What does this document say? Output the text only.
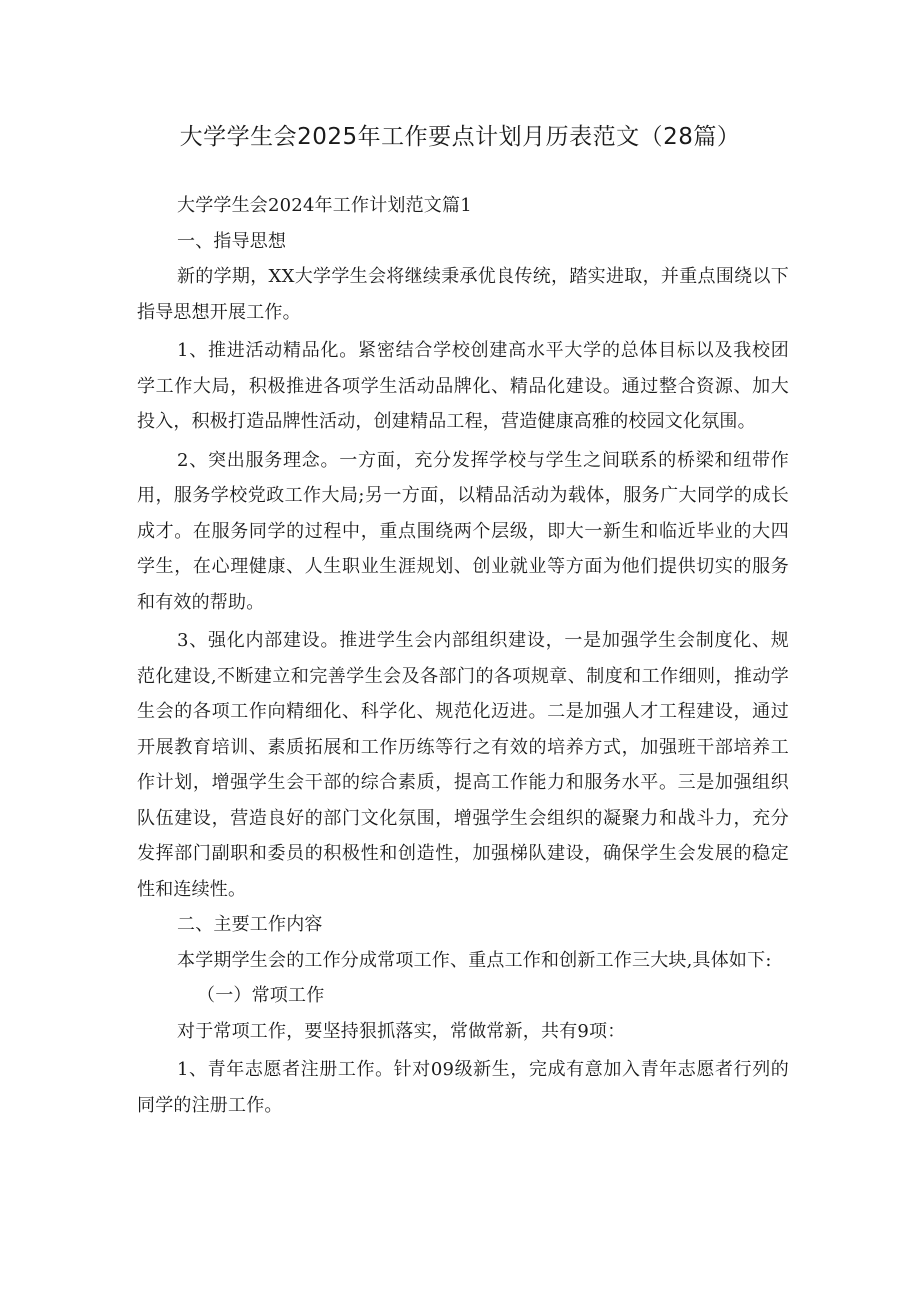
大学学生会2025年工作要点计划月历表范文（28篇）

大学学生会2024年工作计划范文篇1

一、指导思想

新的学期，XX大学学生会将继续秉承优良传统，踏实进取，并重点围绕以下指导思想开展工作。

1、推进活动精品化。紧密结合学校创建高水平大学的总体目标以及我校团学工作大局，积极推进各项学生活动品牌化、精品化建设。通过整合资源、加大投入，积极打造品牌性活动，创建精品工程，营造健康高雅的校园文化氛围。

2、突出服务理念。一方面，充分发挥学校与学生之间联系的桥梁和纽带作用，服务学校党政工作大局;另一方面，以精品活动为载体，服务广大同学的成长成才。在服务同学的过程中，重点围绕两个层级，即大一新生和临近毕业的大四学生，在心理健康、人生职业生涯规划、创业就业等方面为他们提供切实的服务和有效的帮助。

3、强化内部建设。推进学生会内部组织建设，一是加强学生会制度化、规范化建设,不断建立和完善学生会及各部门的各项规章、制度和工作细则，推动学生会的各项工作向精细化、科学化、规范化迈进。二是加强人才工程建设，通过开展教育培训、素质拓展和工作历练等行之有效的培养方式，加强班干部培养工作计划，增强学生会干部的综合素质，提高工作能力和服务水平。三是加强组织队伍建设，营造良好的部门文化氛围，增强学生会组织的凝聚力和战斗力，充分发挥部门副职和委员的积极性和创造性，加强梯队建设，确保学生会发展的稳定性和连续性。

二、主要工作内容

本学期学生会的工作分成常项工作、重点工作和创新工作三大块,具体如下:

（一）常项工作

对于常项工作，要坚持狠抓落实，常做常新，共有9项：

1、青年志愿者注册工作。针对09级新生，完成有意加入青年志愿者行列的同学的注册工作。
